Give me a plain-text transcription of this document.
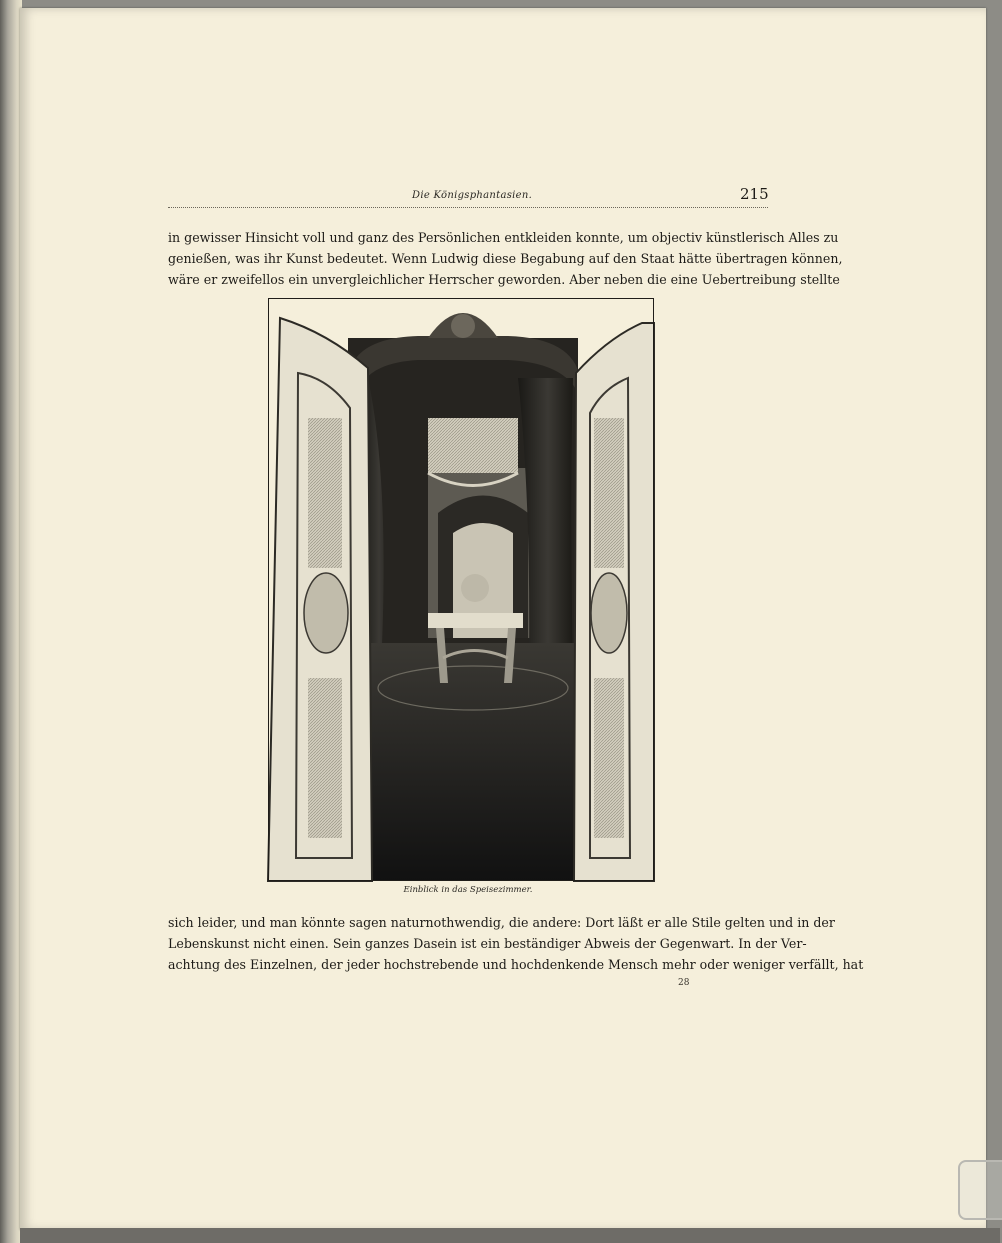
Die Königsphantasien.	215
in gewisser Hinsicht voll und ganz des Persönlichen entkleiden konnte, um objectiv künstlerisch Alles zu
genießen, was ihr Kunst bedeutet. Wenn Ludwig diese Begabung auf den Staat hätte übertragen können,
wäre er zweifellos ein unvergleichlicher Herrscher geworden. Aber neben die eine Uebertreibung stellte
Einblick in das Speisezimmer.
sich leider, und man könnte sagen naturnothwendig, die andere: Dort läßt er alle Stile gelten und in der
Lebenskunst nicht einen. Sein ganzes Dasein ist ein beständiger Abweis der Gegenwart. In der Ver-
achtung des Einzelnen, der jeder hochstrebende und hochdenkende Mensch mehr oder weniger verfällt, hat
28
